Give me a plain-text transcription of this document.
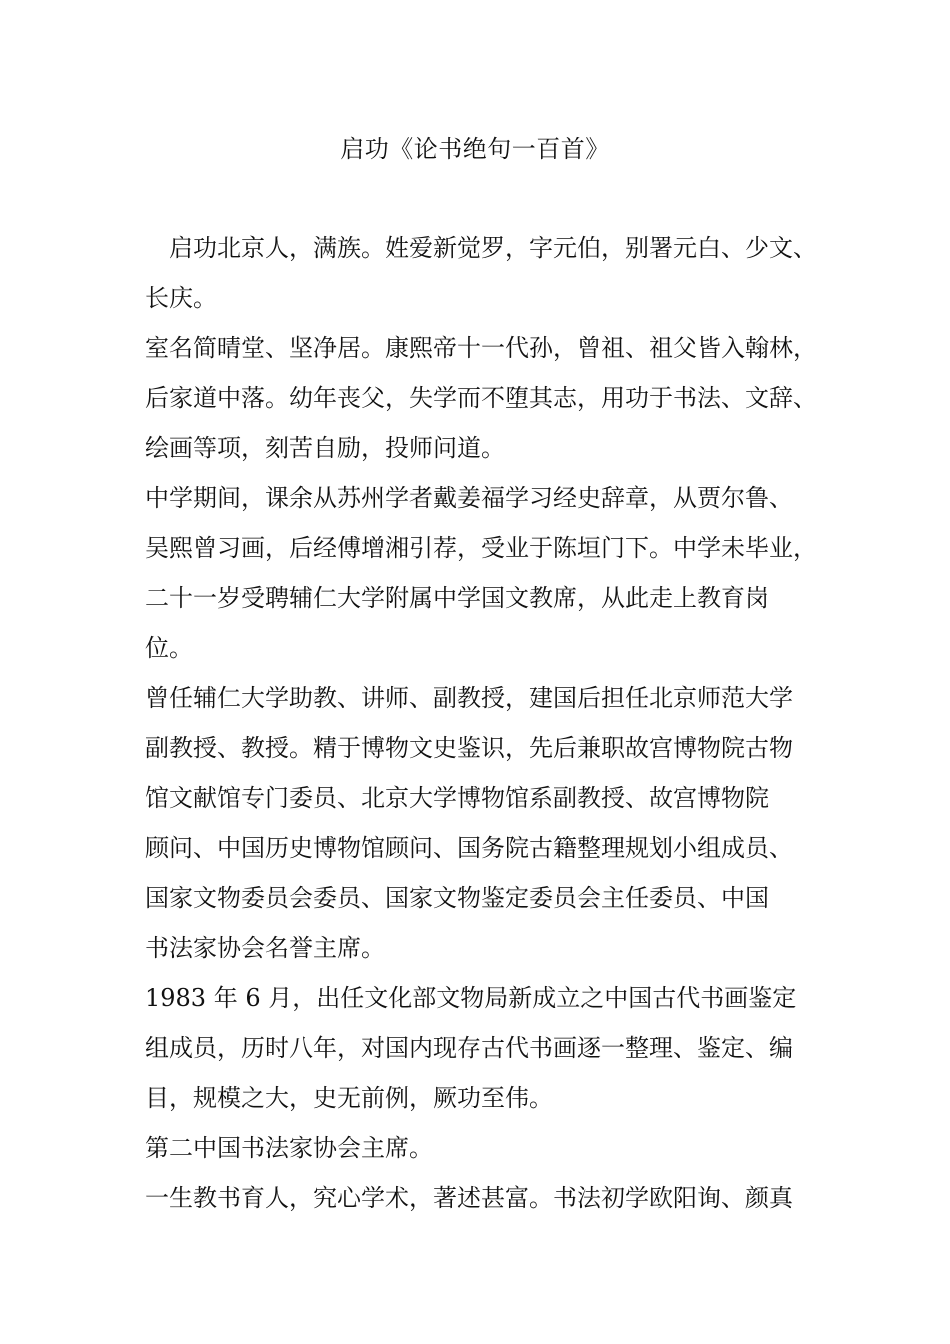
启功《论书绝句一百首》
启功北京人，满族。姓爱新觉罗，字元伯，别署元白、少文、
长庆。
室名简晴堂、坚净居。康熙帝十一代孙，曾祖、祖父皆入翰林，
后家道中落。幼年丧父，失学而不堕其志，用功于书法、文辞、
绘画等项，刻苦自励，投师问道。
中学期间，课余从苏州学者戴姜福学习经史辞章，从贾尔鲁、
吴熙曾习画，后经傅增湘引荐，受业于陈垣门下。中学未毕业，
二十一岁受聘辅仁大学附属中学国文教席，从此走上教育岗
位。
曾任辅仁大学助教、讲师、副教授，建国后担任北京师范大学
副教授、教授。精于博物文史鉴识，先后兼职故宫博物院古物
馆文献馆专门委员、北京大学博物馆系副教授、故宫博物院
顾问、中国历史博物馆顾问、国务院古籍整理规划小组成员、
国家文物委员会委员、国家文物鉴定委员会主任委员、中国
书法家协会名誉主席。
1983 年 6 月，出任文化部文物局新成立之中国古代书画鉴定
组成员，历时八年，对国内现存古代书画逐一整理、鉴定、编
目，规模之大，史无前例，厥功至伟。
第二中国书法家协会主席。
一生教书育人，究心学术，著述甚富。书法初学欧阳询、颜真
